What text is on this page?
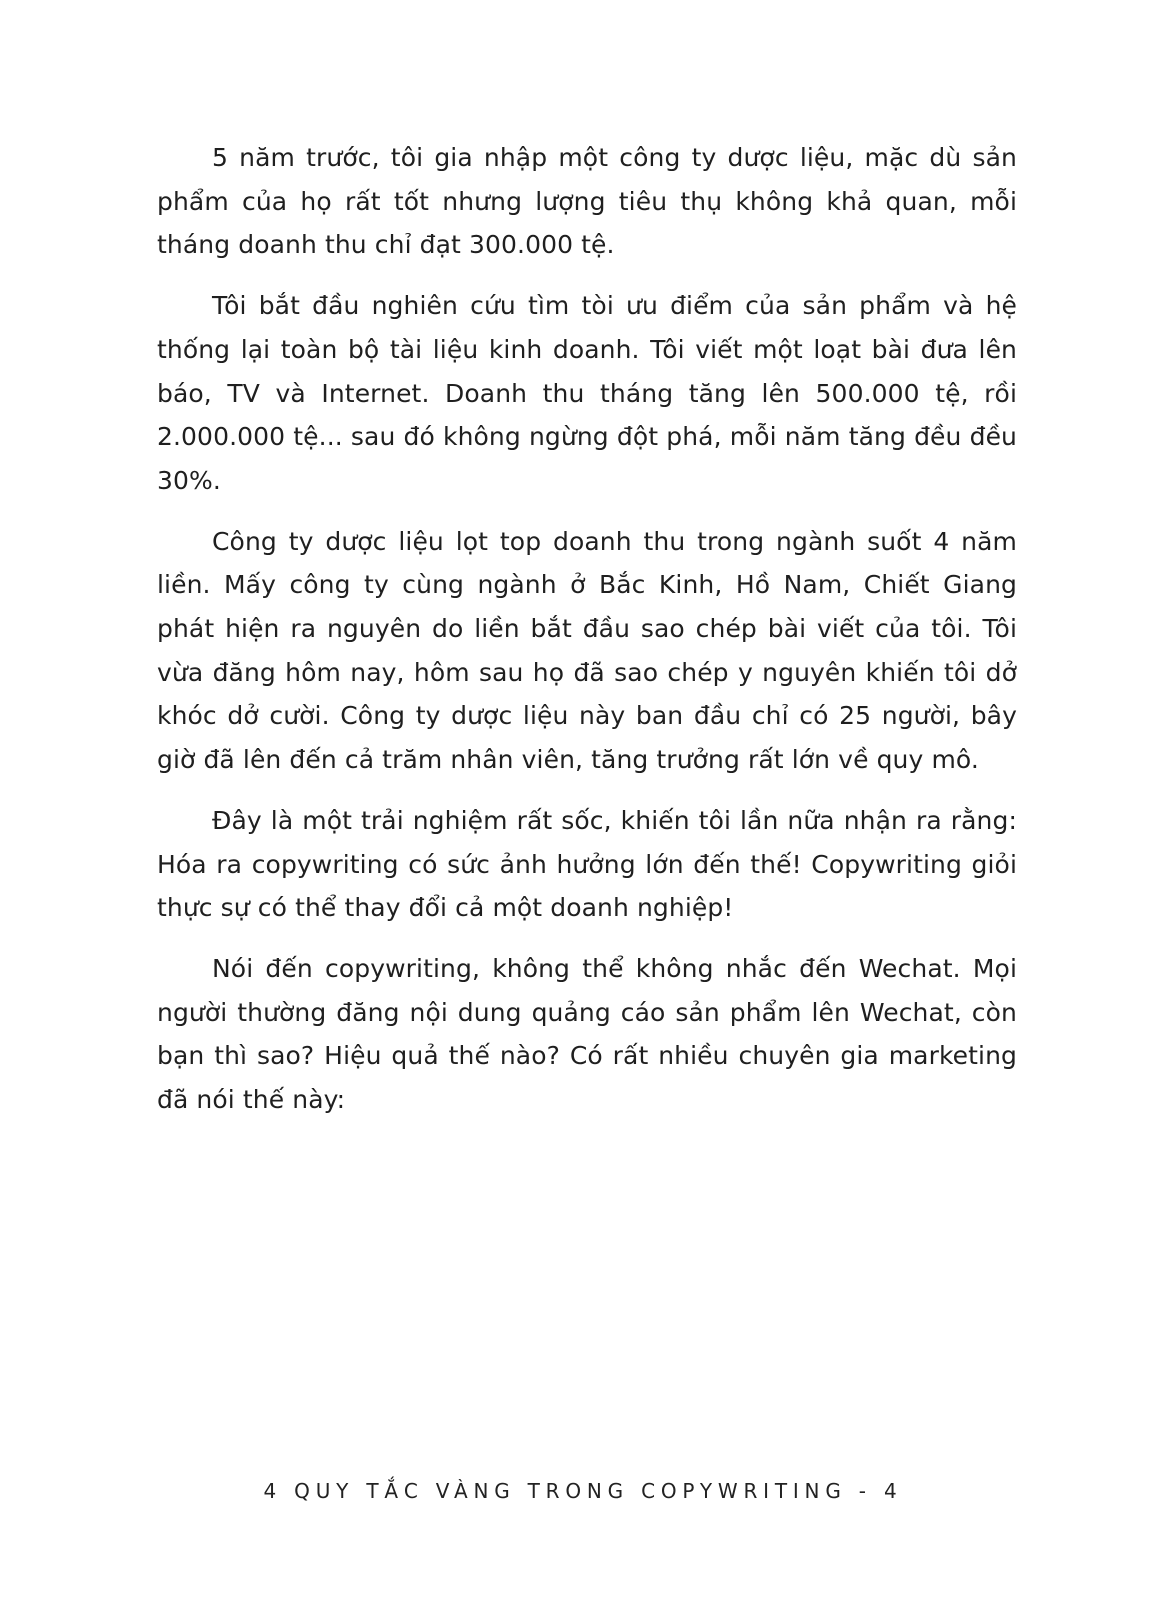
5 năm trước, tôi gia nhập một công ty dược liệu, mặc dù sản phẩm của họ rất tốt nhưng lượng tiêu thụ không khả quan, mỗi tháng doanh thu chỉ đạt 300.000 tệ.

Tôi bắt đầu nghiên cứu tìm tòi ưu điểm của sản phẩm và hệ thống lại toàn bộ tài liệu kinh doanh. Tôi viết một loạt bài đưa lên báo, TV và Internet. Doanh thu tháng tăng lên 500.000 tệ, rồi 2.000.000 tệ... sau đó không ngừng đột phá, mỗi năm tăng đều đều 30%.

Công ty dược liệu lọt top doanh thu trong ngành suốt 4 năm liền. Mấy công ty cùng ngành ở Bắc Kinh, Hồ Nam, Chiết Giang phát hiện ra nguyên do liền bắt đầu sao chép bài viết của tôi. Tôi vừa đăng hôm nay, hôm sau họ đã sao chép y nguyên khiến tôi dở khóc dở cười. Công ty dược liệu này ban đầu chỉ có 25 người, bây giờ đã lên đến cả trăm nhân viên, tăng trưởng rất lớn về quy mô.

Đây là một trải nghiệm rất sốc, khiến tôi lần nữa nhận ra rằng: Hóa ra copywriting có sức ảnh hưởng lớn đến thế! Copywriting giỏi thực sự có thể thay đổi cả một doanh nghiệp!

Nói đến copywriting, không thể không nhắc đến Wechat. Mọi người thường đăng nội dung quảng cáo sản phẩm lên Wechat, còn bạn thì sao? Hiệu quả thế nào? Có rất nhiều chuyên gia marketing đã nói thế này:

4 QUY TẮC VÀNG TRONG COPYWRITING - 4
